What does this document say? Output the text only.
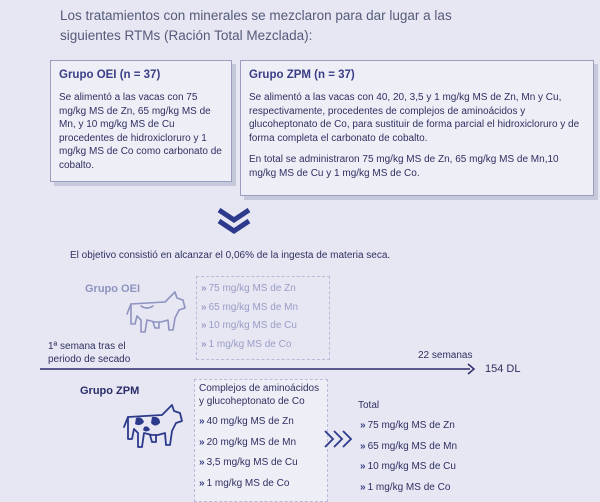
Los tratamientos con minerales se mezclaron para dar lugar a las siguientes RTMs (Ración Total Mezclada):
Grupo OEI (n = 37)

Se alimentó a las vacas con 75 mg/kg MS de Zn, 65 mg/kg MS de Mn, y 10 mg/kg MS de Cu procedentes de hidroxicloruro y 1 mg/kg MS de Co como carbonato de cobalto.

Grupo ZPM (n = 37)

Se alimentó a las vacas con 40, 20, 3,5 y 1 mg/kg MS de Zn, Mn y Cu, respectivamente, procedentes de complejos de aminoácidos y glucoheptonato de Co, para sustituir de forma parcial el hidroxicloruro y de forma completa el carbonato de cobalto.

En total se administraron 75 mg/kg MS de Zn, 65 mg/kg MS de Mn,10 mg/kg MS de Cu y 1 mg/kg MS de Co.

El objetivo consistió en alcanzar el 0,06% de la ingesta de materia seca.
Grupo OEI	» 75 mg/kg MS de Zn
» 65 mg/kg MS de Mn
» 10 mg/kg MS de Cu
» 1 mg/kg MS de Co
1ª semana tras el
periodo de secado	22 semanas
154 DL
Grupo ZPM	Complejos de aminoácidos y glucoheptonato de Co
» 40 mg/kg MS de Zn
» 20 mg/kg MS de Mn
» 3,5 mg/kg MS de Cu
» 1 mg/kg MS de Co
Total
» 75 mg/kg MS de Zn
» 65 mg/kg MS de Mn
» 10 mg/kg MS de Cu
» 1 mg/kg MS de Co
